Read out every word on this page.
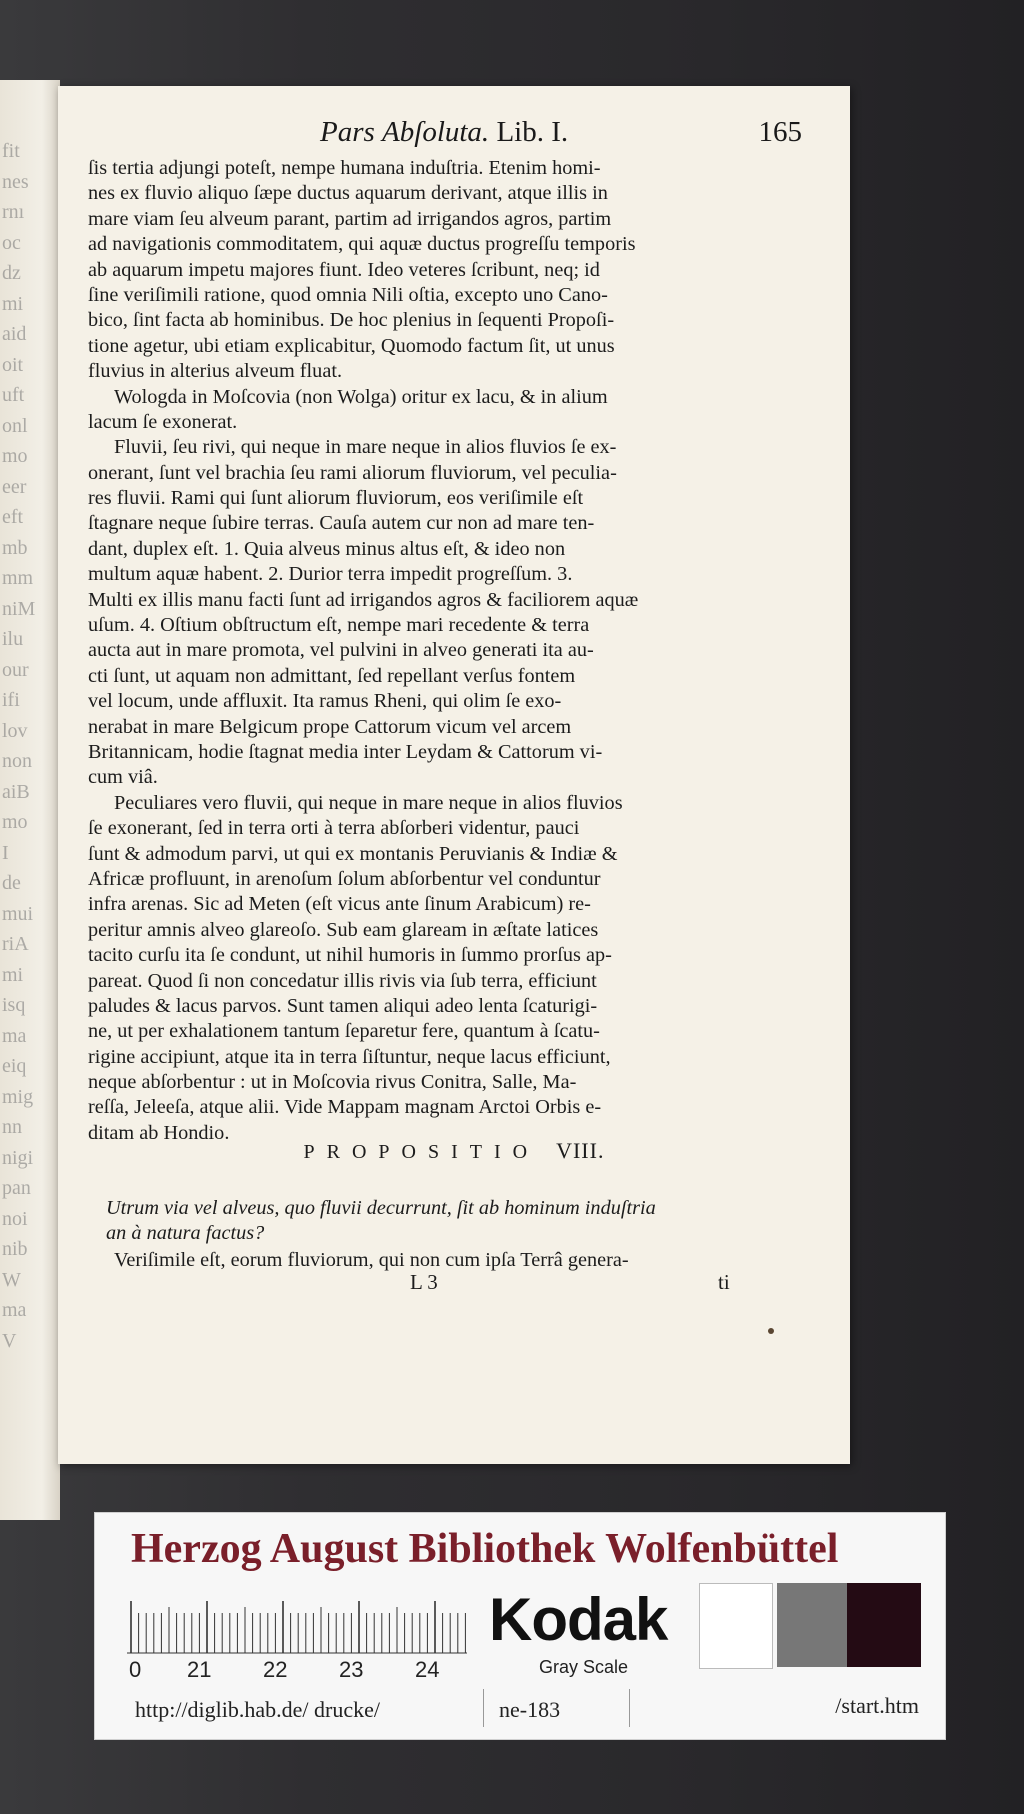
fit
nes
rnı
oc
dz
mi
aid
oit
uft
onl
mo
eer
eft
mb
mm
niM
ilu
our
ifi
lov
non
aiB
mo
I
de
mui
riA
mi
isq
ma
eiq
mig
nn
nigi
pan
noi
nib
W
ma
V
Pars Abſoluta. Lib. I.	165
ſis tertia adjungi poteſt, nempe humana induſtria. Etenim homi-
nes ex fluvio aliquo ſæpe ductus aquarum derivant, atque illis in
mare viam ſeu alveum parant, partim ad irrigandos agros, partim
ad navigationis commoditatem, qui aquæ ductus progreſſu temporis
ab aquarum impetu majores fiunt. Ideo veteres ſcribunt, neq; id
ſine veriſimili ratione, quod omnia Nili oſtia, excepto uno Cano-
bico, ſint facta ab hominibus. De hoc plenius in ſequenti Propoſi-
tione agetur, ubi etiam explicabitur, Quomodo factum ſit, ut unus
fluvius in alterius alveum fluat.
Wologda in Moſcovia (non Wolga) oritur ex lacu, & in alium
lacum ſe exonerat.
Fluvii, ſeu rivi, qui neque in mare neque in alios fluvios ſe ex-
onerant, ſunt vel brachia ſeu rami aliorum fluviorum, vel peculia-
res fluvii. Rami qui ſunt aliorum fluviorum, eos veriſimile eſt
ſtagnare neque ſubire terras. Cauſa autem cur non ad mare ten-
dant, duplex eſt. 1. Quia alveus minus altus eſt, & ideo non
multum aquæ habent. 2. Durior terra impedit progreſſum. 3.
Multi ex illis manu facti ſunt ad irrigandos agros & faciliorem aquæ
uſum. 4. Oſtium obſtructum eſt, nempe mari recedente & terra
aucta aut in mare promota, vel pulvini in alveo generati ita au-
cti ſunt, ut aquam non admittant, ſed repellant verſus fontem
vel locum, unde affluxit. Ita ramus Rheni, qui olim ſe exo-
nerabat in mare Belgicum prope Cattorum vicum vel arcem
Britannicam, hodie ſtagnat media inter Leydam & Cattorum vi-
cum viâ.
Peculiares vero fluvii, qui neque in mare neque in alios fluvios
ſe exonerant, ſed in terra orti à terra abſorberi videntur, pauci
ſunt & admodum parvi, ut qui ex montanis Peruvianis & Indiæ &
Africæ profluunt, in arenoſum ſolum abſorbentur vel conduntur
infra arenas. Sic ad Meten (eſt vicus ante ſinum Arabicum) re-
peritur amnis alveo glareoſo. Sub eam glaream in æſtate latices
tacito curſu ita ſe condunt, ut nihil humoris in ſummo prorſus ap-
pareat. Quod ſi non concedatur illis rivis via ſub terra, efficiunt
paludes & lacus parvos. Sunt tamen aliqui adeo lenta ſcaturigi-
ne, ut per exhalationem tantum ſeparetur fere, quantum à ſcatu-
rigine accipiunt, atque ita in terra ſiſtuntur, neque lacus efficiunt,
neque abſorbentur : ut in Moſcovia rivus Conitra, Salle, Ma-
reſſa, Jeleeſa, atque alii. Vide Mappam magnam Arctoi Orbis e-
ditam ab Hondio.
PROPOSITIO VIII.
Utrum via vel alveus, quo fluvii decurrunt, ſit ab hominum induſtria
an à natura factus?
Veriſimile eſt, eorum fluviorum, qui non cum ipſa Terrâ genera-
L 3	ti
Herzog August Bibliothek Wolfenbüttel
0 21 22 23 24
Kodak
Gray Scale
http://diglib.hab.de/ drucke/	ne-183	/start.htm
